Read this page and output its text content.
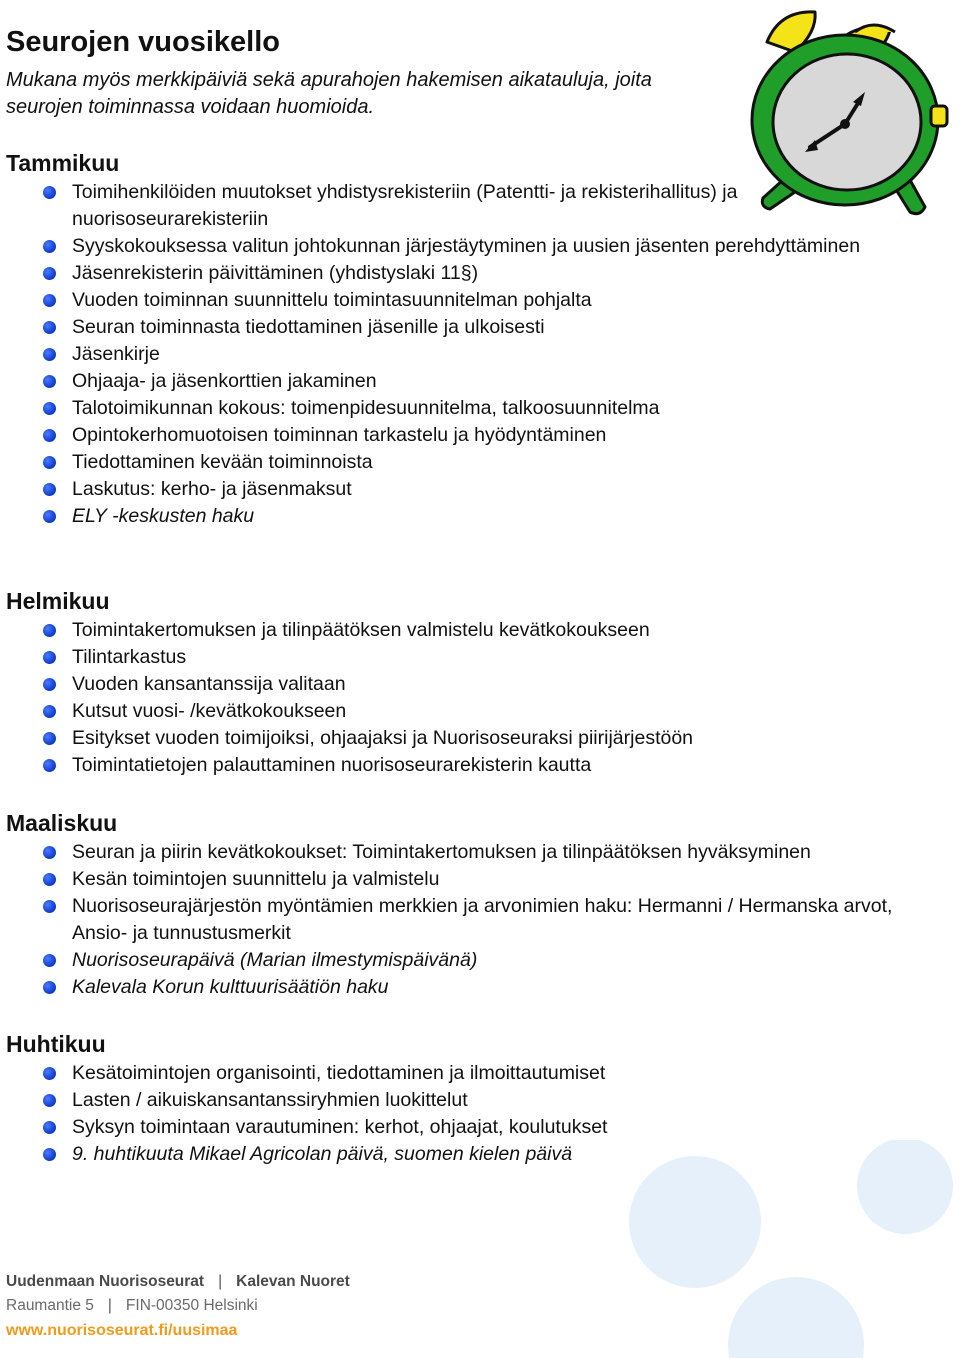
Seurojen vuosikello
Mukana myös merkkipäiviä sekä apurahojen hakemisen aikatauluja, joita seurojen toiminnassa voidaan huomioida.
Tammikuu
Toimihenkilöiden muutokset yhdistysrekisteriin (Patentti- ja rekisterihallitus) ja nuorisoseurarekisteriin
Syyskokouksessa valitun johtokunnan järjestäytyminen ja uusien jäsenten perehdyttäminen
Jäsenrekisterin päivittäminen (yhdistyslaki 11§)
Vuoden toiminnan suunnittelu toimintasuunnitelman pohjalta
Seuran toiminnasta tiedottaminen jäsenille ja ulkoisesti
Jäsenkirje
Ohjaaja- ja jäsenkorttien jakaminen
Talotoimikunnan kokous: toimenpidesuunnitelma, talkoosuunnitelma
Opintokerhomuotoisen toiminnan tarkastelu ja hyödyntäminen
Tiedottaminen kevään toiminnoista
Laskutus: kerho- ja jäsenmaksut
ELY -keskusten haku
Helmikuu
Toimintakertomuksen ja tilinpäätöksen valmistelu kevätkokoukseen
Tilintarkastus
Vuoden kansantanssija valitaan
Kutsut vuosi- /kevätkokoukseen
Esitykset vuoden toimijoiksi, ohjaajaksi ja Nuorisoseuraksi piirijärjestöön
Toimintatietojen palauttaminen nuorisoseurarekisterin kautta
Maaliskuu
Seuran ja piirin kevätkokoukset: Toimintakertomuksen ja tilinpäätöksen hyväksyminen
Kesän toimintojen suunnittelu ja valmistelu
Nuorisoseurajärjestön myöntämien merkkien ja arvonimien haku: Hermanni / Hermanska arvot, Ansio- ja tunnustusmerkit
Nuorisoseurapäivä (Marian ilmestymispäivänä)
Kalevala Korun kulttuurisäätiön haku
Huhtikuu
Kesätoimintojen organisointi, tiedottaminen ja ilmoittautumiset
Lasten / aikuiskansantanssiryhmien luokittelut
Syksyn toimintaan varautuminen: kerhot, ohjaajat, koulutukset
9. huhtikuuta Mikael Agricolan päivä, suomen kielen päivä
Uudenmaan Nuorisoseurat | Kalevan Nuoret
Raumantie 5 | FIN-00350 Helsinki
www.nuorisoseurat.fi/uusimaa
